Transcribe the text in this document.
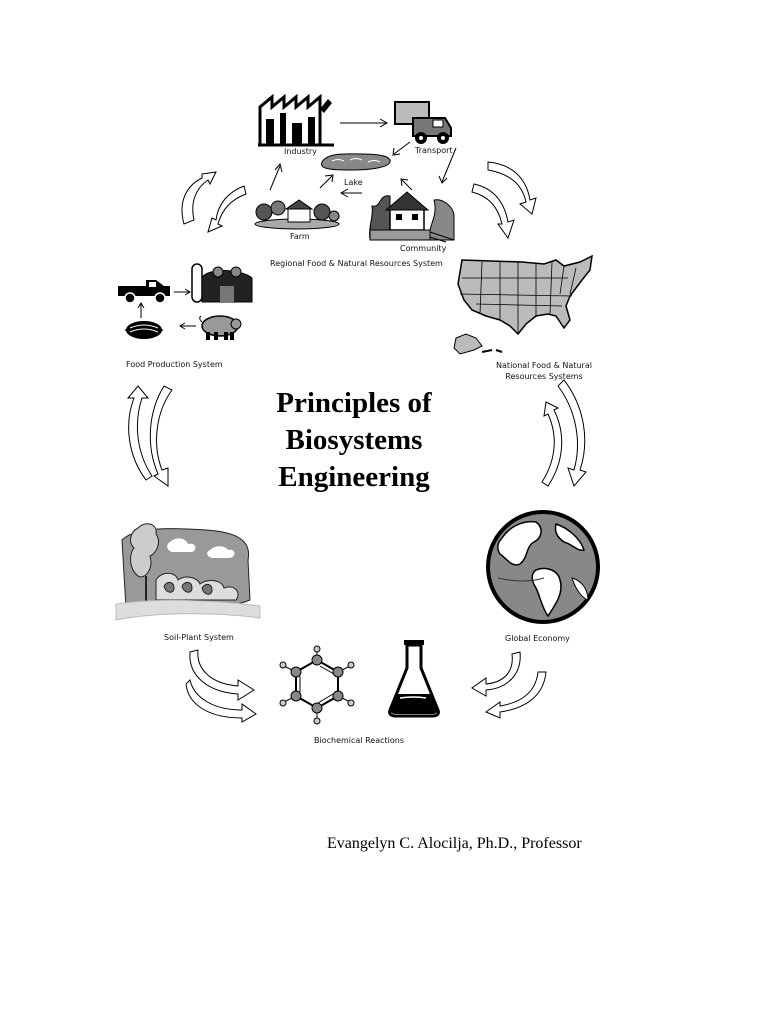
Industry	Transport
Lake
Farm
Community
Regional Food & Natural Resources System
Food Production System	National Food & Natural
Resources Systems
Principles of
Biosystems
Engineering
Soil-Plant System	Global Economy
Biochemical Reactions
Evangelyn C. Alocilja, Ph.D., Professor
